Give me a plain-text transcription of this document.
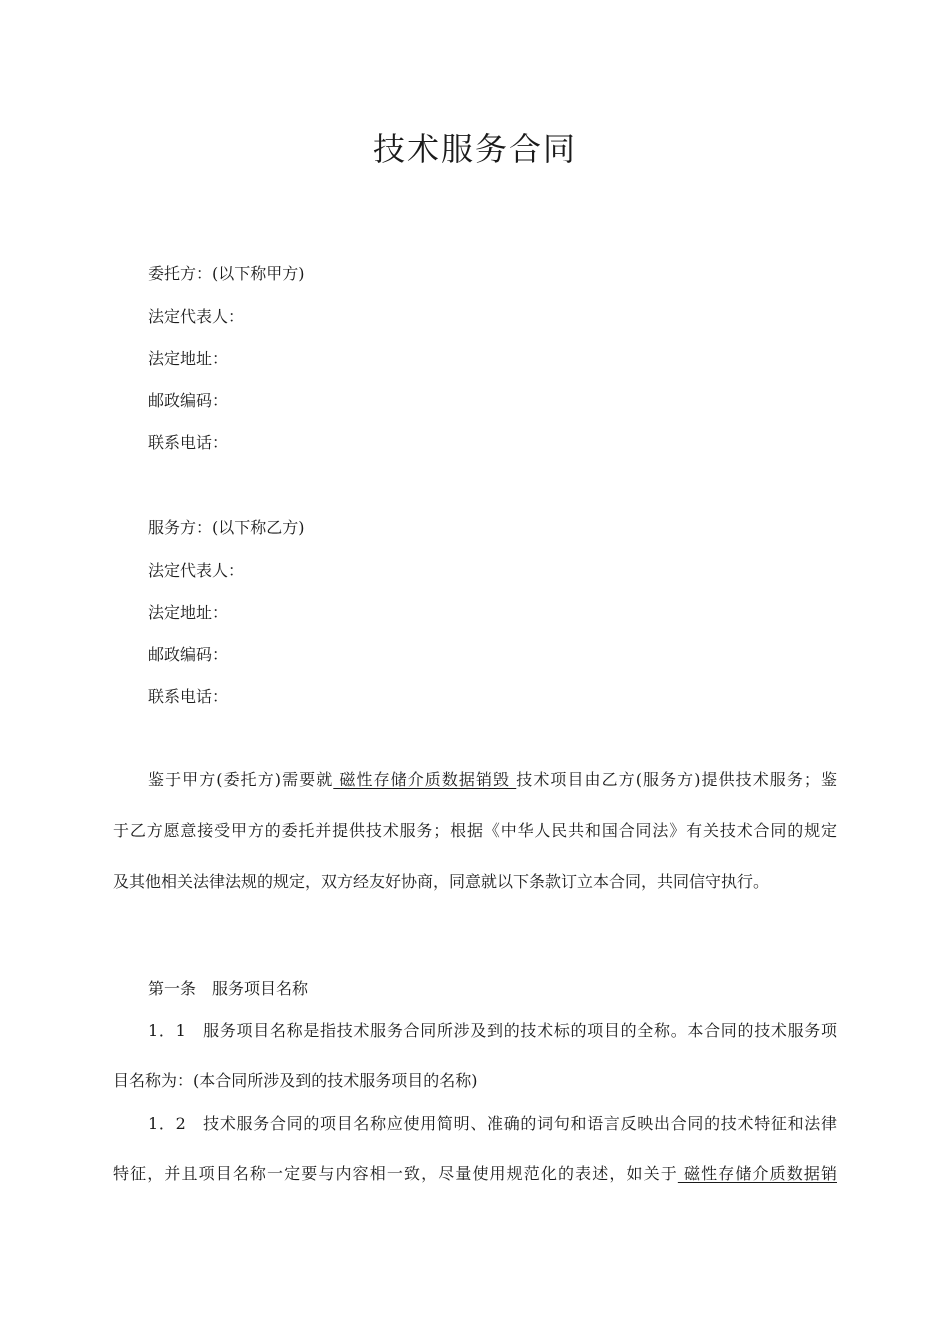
技术服务合同
委托方：(以下称甲方)
法定代表人：
法定地址：
邮政编码：
联系电话：
服务方：(以下称乙方)
法定代表人：
法定地址：
邮政编码：
联系电话：
鉴于甲方(委托方)需要就 磁性存储介质数据销毁 技术项目由乙方(服务方)提供技术服务；鉴
于乙方愿意接受甲方的委托并提供技术服务；根据《中华人民共和国合同法》有关技术合同的规定
及其他相关法律法规的规定，双方经友好协商，同意就以下条款订立本合同，共同信守执行。
第一条　服务项目名称
1．1　服务项目名称是指技术服务合同所涉及到的技术标的项目的全称。本合同的技术服务项
目名称为：(本合同所涉及到的技术服务项目的名称)
1．2　技术服务合同的项目名称应使用简明、准确的词句和语言反映出合同的技术特征和法律
特征，并且项目名称一定要与内容相一致，尽量使用规范化的表述，如关于 磁性存储介质数据销
